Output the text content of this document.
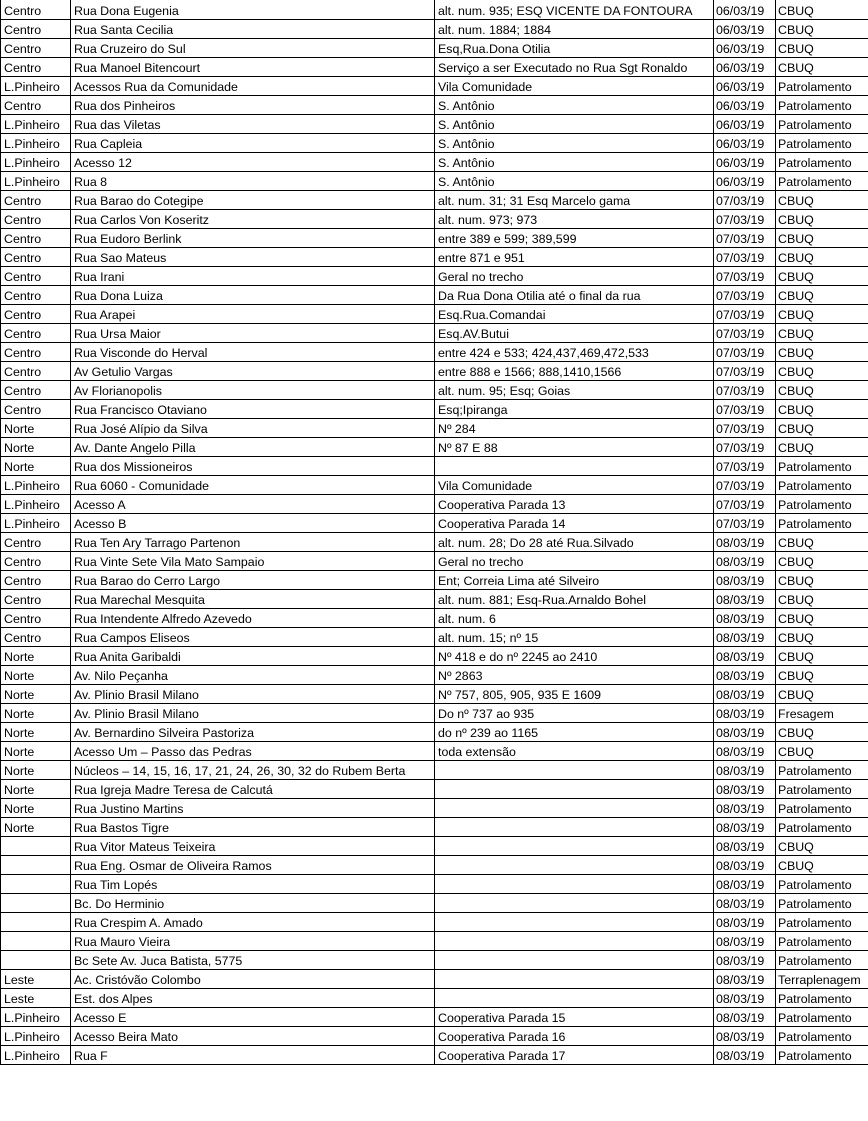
Centro	Rua Dona Eugenia	alt. num. 935; ESQ VICENTE DA FONTOURA	06/03/19	CBUQ
Centro	Rua Santa Cecilia	alt. num. 1884; 1884	06/03/19	CBUQ
Centro	Rua Cruzeiro do Sul	Esq,Rua.Dona Otilia	06/03/19	CBUQ
Centro	Rua Manoel Bitencourt	Serviço a ser Executado no Rua Sgt Ronaldo	06/03/19	CBUQ
L.Pinheiro	Acessos Rua da Comunidade	Vila Comunidade	06/03/19	Patrolamento
Centro	Rua dos Pinheiros	S. Antônio	06/03/19	Patrolamento
L.Pinheiro	Rua das Viletas	S. Antônio	06/03/19	Patrolamento
L.Pinheiro	Rua Capleia	S. Antônio	06/03/19	Patrolamento
L.Pinheiro	Acesso 12	S. Antônio	06/03/19	Patrolamento
L.Pinheiro	Rua 8	S. Antônio	06/03/19	Patrolamento
Centro	Rua Barao do Cotegipe	alt. num. 31; 31 Esq Marcelo gama	07/03/19	CBUQ
Centro	Rua Carlos Von Koseritz	alt. num. 973; 973	07/03/19	CBUQ
Centro	Rua Eudoro Berlink	entre 389 e 599; 389,599	07/03/19	CBUQ
Centro	Rua Sao Mateus	entre 871 e 951	07/03/19	CBUQ
Centro	Rua Irani	Geral no trecho	07/03/19	CBUQ
Centro	Rua Dona Luiza	Da Rua Dona Otilia até o final da rua	07/03/19	CBUQ
Centro	Rua Arapei	Esq.Rua.Comandai	07/03/19	CBUQ
Centro	Rua Ursa Maior	Esq.AV.Butui	07/03/19	CBUQ
Centro	Rua Visconde do Herval	entre 424 e 533; 424,437,469,472,533	07/03/19	CBUQ
Centro	Av Getulio Vargas	entre 888 e 1566; 888,1410,1566	07/03/19	CBUQ
Centro	Av Florianopolis	alt. num. 95; Esq; Goias	07/03/19	CBUQ
Centro	Rua Francisco Otaviano	Esq;Ipiranga	07/03/19	CBUQ
Norte	Rua José Alípio da Silva	Nº 284	07/03/19	CBUQ
Norte	Av. Dante Angelo Pilla	Nº 87 E 88	07/03/19	CBUQ
Norte	Rua dos Missioneiros		07/03/19	Patrolamento
L.Pinheiro	Rua 6060 - Comunidade	Vila Comunidade	07/03/19	Patrolamento
L.Pinheiro	Acesso A	Cooperativa Parada 13	07/03/19	Patrolamento
L.Pinheiro	Acesso B	Cooperativa Parada 14	07/03/19	Patrolamento
Centro	Rua Ten Ary Tarrago Partenon	alt. num. 28; Do 28 até Rua.Silvado	08/03/19	CBUQ
Centro	Rua Vinte Sete Vila Mato Sampaio	Geral no trecho	08/03/19	CBUQ
Centro	Rua Barao do Cerro Largo	Ent; Correia Lima até Silveiro	08/03/19	CBUQ
Centro	Rua Marechal Mesquita	alt. num. 881; Esq-Rua.Arnaldo Bohel	08/03/19	CBUQ
Centro	Rua Intendente Alfredo Azevedo	alt. num. 6	08/03/19	CBUQ
Centro	Rua Campos Eliseos	alt. num. 15; nº 15	08/03/19	CBUQ
Norte	Rua Anita Garibaldi	Nº 418 e do nº 2245 ao 2410	08/03/19	CBUQ
Norte	Av. Nilo Peçanha	Nº 2863	08/03/19	CBUQ
Norte	Av. Plinio Brasil Milano	Nº 757, 805, 905, 935 E 1609	08/03/19	CBUQ
Norte	Av. Plinio Brasil Milano	Do nº 737 ao 935	08/03/19	Fresagem
Norte	Av. Bernardino Silveira Pastoriza	do nº 239 ao 1165	08/03/19	CBUQ
Norte	Acesso Um – Passo das Pedras	toda extensão	08/03/19	CBUQ
Norte	Núcleos – 14, 15, 16, 17, 21, 24, 26, 30, 32 do Rubem Berta		08/03/19	Patrolamento
Norte	Rua Igreja Madre Teresa de Calcutá		08/03/19	Patrolamento
Norte	Rua Justino Martins		08/03/19	Patrolamento
Norte	Rua Bastos Tigre		08/03/19	Patrolamento
	Rua Vitor Mateus Teixeira		08/03/19	CBUQ
	Rua Eng. Osmar de Oliveira Ramos		08/03/19	CBUQ
	Rua Tim Lopés		08/03/19	Patrolamento
	Bc. Do Herminio		08/03/19	Patrolamento
	Rua Crespim A. Amado		08/03/19	Patrolamento
	Rua Mauro Vieira		08/03/19	Patrolamento
	Bc Sete Av. Juca Batista, 5775		08/03/19	Patrolamento
Leste	Ac. Cristóvão Colombo		08/03/19	Terraplenagem
Leste	Est. dos Alpes		08/03/19	Patrolamento
L.Pinheiro	Acesso E	Cooperativa Parada 15	08/03/19	Patrolamento
L.Pinheiro	Acesso Beira Mato	Cooperativa Parada 16	08/03/19	Patrolamento
L.Pinheiro	Rua F	Cooperativa Parada 17	08/03/19	Patrolamento
